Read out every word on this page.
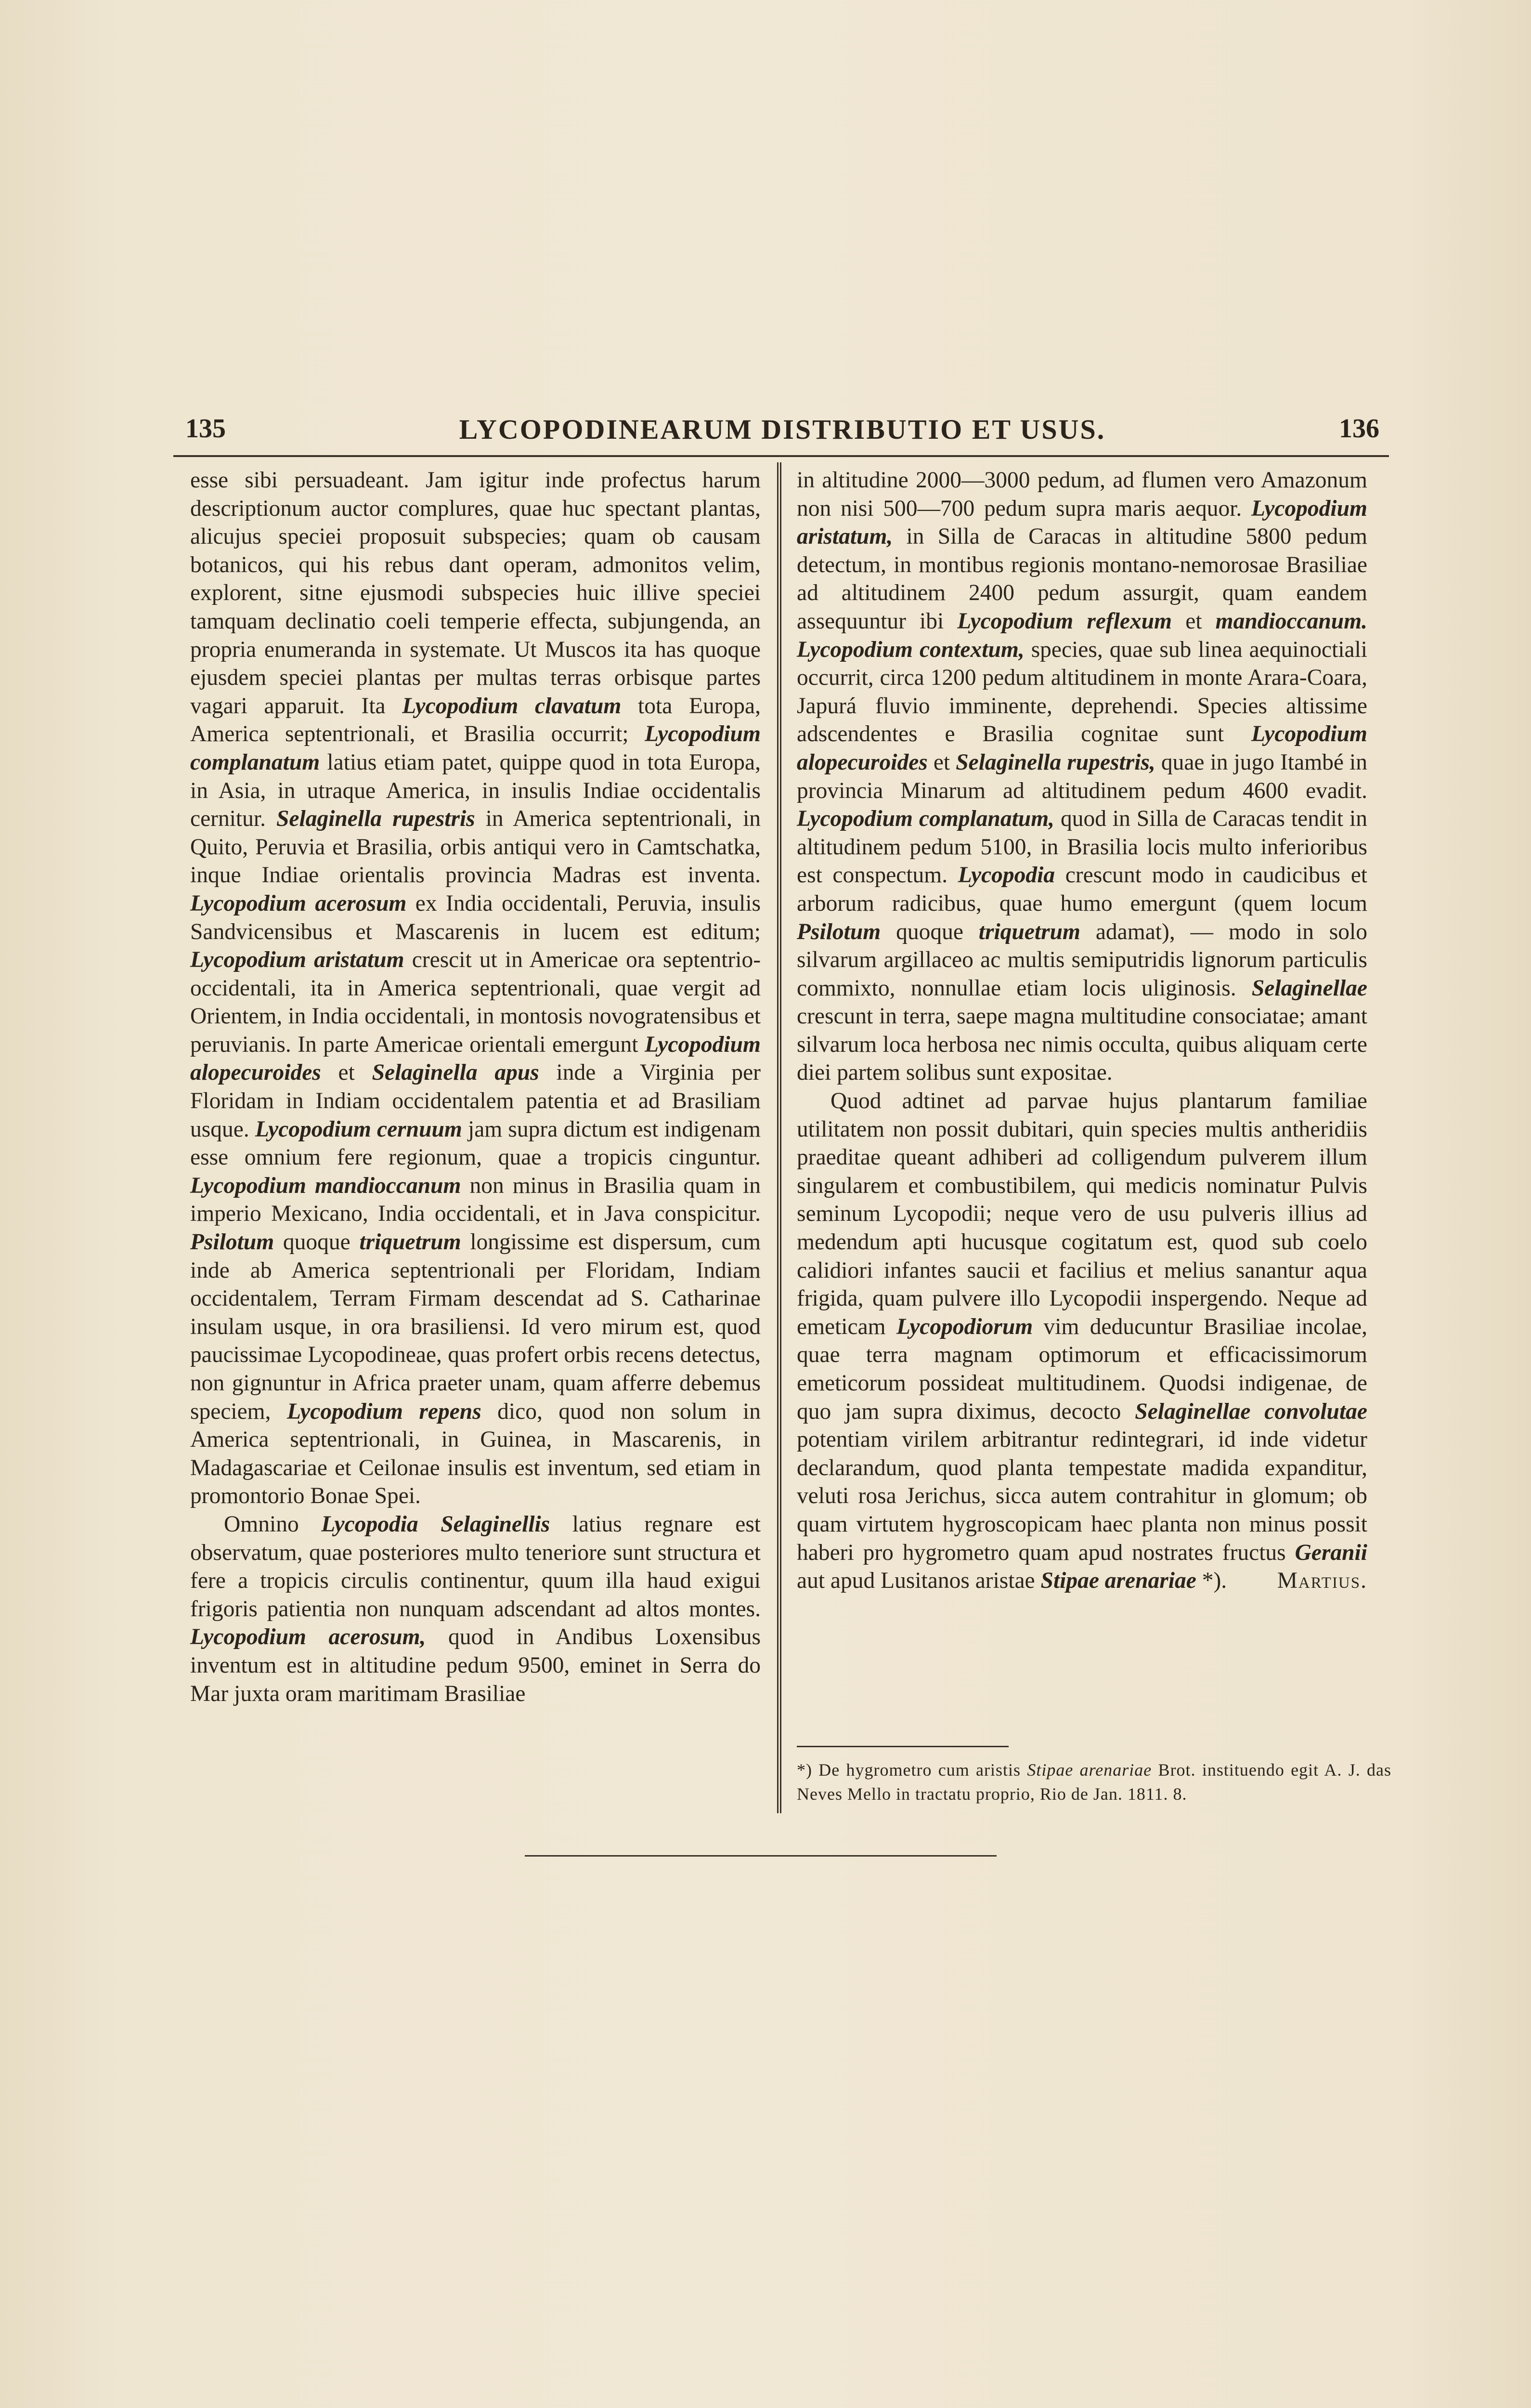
135	LYCOPODINEARUM DISTRIBUTIO ET USUS.	136

esse sibi persuadeant. Jam igitur inde profectus harum descriptionum auctor complures, quae huc spectant plantas, alicujus speciei proposuit subspecies; quam ob causam botanicos, qui his rebus dant operam, admonitos velim, explorent, sitne ejusmodi subspecies huic illive speciei tamquam declinatio coeli temperie effecta, subjungenda, an propria enumeranda in systemate. Ut Muscos ita has quoque ejusdem speciei plantas per multas terras orbisque partes vagari apparuit. Ita Lycopodium clavatum tota Europa, America septentrionali, et Brasilia occurrit; Lycopodium complanatum latius etiam patet, quippe quod in tota Europa, in Asia, in utraque America, in insulis Indiae occidentalis cernitur. Selaginella rupestris in America septentrionali, in Quito, Peruvia et Brasilia, orbis antiqui vero in Camtschatka, inque Indiae orientalis provincia Madras est inventa. Lycopodium acerosum ex India occidentali, Peruvia, insulis Sandvicensibus et Mascarenis in lucem est editum; Lycopodium aristatum crescit ut in Americae ora septentrio-occidentali, ita in America septentrionali, quae vergit ad Orientem, in India occidentali, in montosis novogratensibus et peruvianis. In parte Americae orientali emergunt Lycopodium alopecuroides et Selaginella apus inde a Virginia per Floridam in Indiam occidentalem patentia et ad Brasiliam usque. Lycopodium cernuum jam supra dictum est indigenam esse omnium fere regionum, quae a tropicis cinguntur. Lycopodium mandioccanum non minus in Brasilia quam in imperio Mexicano, India occidentali, et in Java conspicitur. Psilotum quoque triquetrum longissime est dispersum, cum inde ab America septentrionali per Floridam, Indiam occidentalem, Terram Firmam descendat ad S. Catharinae insulam usque, in ora brasiliensi. Id vero mirum est, quod paucissimae Lycopodineae, quas profert orbis recens detectus, non gignuntur in Africa praeter unam, quam afferre debemus speciem, Lycopodium repens dico, quod non solum in America septentrionali, in Guinea, in Mascarenis, in Madagascariae et Ceilonae insulis est inventum, sed etiam in promontorio Bonae Spei.

Omnino Lycopodia Selaginellis latius regnare est observatum, quae posteriores multo teneriore sunt structura et fere a tropicis circulis continentur, quum illa haud exigui frigoris patientia non nunquam adscendant ad altos montes. Lycopodium acerosum, quod in Andibus Loxensibus inventum est in altitudine pedum 9500, eminet in Serra do Mar juxta oram maritimam Brasiliae

in altitudine 2000—3000 pedum, ad flumen vero Amazonum non nisi 500—700 pedum supra maris aequor. Lycopodium aristatum, in Silla de Caracas in altitudine 5800 pedum detectum, in montibus regionis montano-nemorosae Brasiliae ad altitudinem 2400 pedum assurgit, quam eandem assequuntur ibi Lycopodium reflexum et mandioccanum. Lycopodium contextum, species, quae sub linea aequinoctiali occurrit, circa 1200 pedum altitudinem in monte Arara-Coara, Japurá fluvio imminente, deprehendi. Species altissime adscendentes e Brasilia cognitae sunt Lycopodium alopecuroides et Selaginella rupestris, quae in jugo Itambé in provincia Minarum ad altitudinem pedum 4600 evadit. Lycopodium complanatum, quod in Silla de Caracas tendit in altitudinem pedum 5100, in Brasilia locis multo inferioribus est conspectum. Lycopodia crescunt modo in caudicibus et arborum radicibus, quae humo emergunt (quem locum Psilotum quoque triquetrum adamat), — modo in solo silvarum argillaceo ac multis semiputridis lignorum particulis commixto, nonnullae etiam locis uliginosis. Selaginellae crescunt in terra, saepe magna multitudine consociatae; amant silvarum loca herbosa nec nimis occulta, quibus aliquam certe diei partem solibus sunt expositae.

Quod adtinet ad parvae hujus plantarum familiae utilitatem non possit dubitari, quin species multis antheridiis praeditae queant adhiberi ad colligendum pulverem illum singularem et combustibilem, qui medicis nominatur Pulvis seminum Lycopodii; neque vero de usu pulveris illius ad medendum apti hucusque cogitatum est, quod sub coelo calidiori infantes saucii et facilius et melius sanantur aqua frigida, quam pulvere illo Lycopodii inspergendo. Neque ad emeticam Lycopodiorum vim deducuntur Brasiliae incolae, quae terra magnam optimorum et efficacissimorum emeticorum possideat multitudinem. Quodsi indigenae, de quo jam supra diximus, decocto Selaginellae convolutae potentiam virilem arbitrantur redintegrari, id inde videtur declarandum, quod planta tempestate madida expanditur, veluti rosa Jerichus, sicca autem contrahitur in glomum; ob quam virtutem hygroscopicam haec planta non minus possit haberi pro hygrometro quam apud nostrates fructus Geranii aut apud Lusitanos aristae Stipae arenariae *).	Martius.

*) De hygrometro cum aristis Stipae arenariae Brot. instituendo egit A. J. das Neves Mello in tractatu proprio, Rio de Jan. 1811. 8.
